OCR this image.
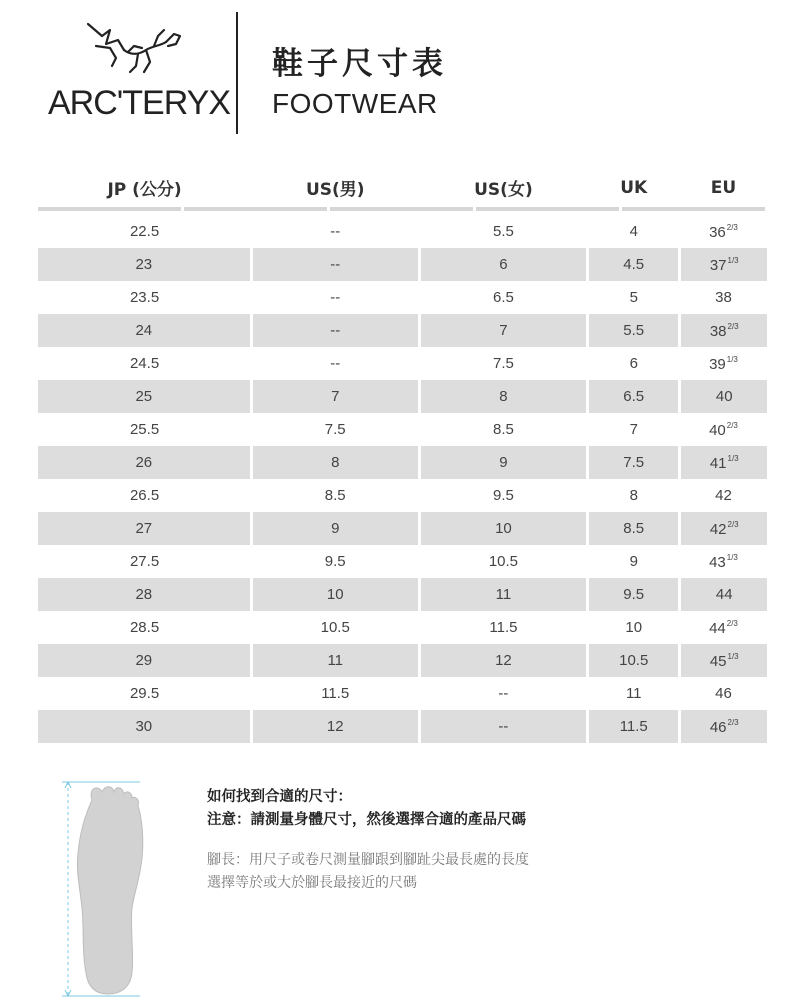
ARC'TERYX
鞋子尺寸表
FOOTWEAR
JP (公分)	US(男)	US(女)	UK	EU

22.5	--	5.5	4	$36^{2/3}$
23	--	6	4.5	$37^{1/3}$
23.5	--	6.5	5	38
24	--	7	5.5	$38^{2/3}$
24.5	--	7.5	6	$39^{1/3}$
25	7	8	6.5	40
25.5	7.5	8.5	7	$40^{2/3}$
26	8	9	7.5	$41^{1/3}$
26.5	8.5	9.5	8	42
27	9	10	8.5	$42^{2/3}$
27.5	9.5	10.5	9	$43^{1/3}$
28	10	11	9.5	44
28.5	10.5	11.5	10	$44^{2/3}$
29	11	12	10.5	$45^{1/3}$
29.5	11.5	--	11	46
30	12	--	11.5	$46^{2/3}$
如何找到合適的尺寸：
注意：請測量身體尺寸，然後選擇合適的產品尺碼
腳長：用尺子或卷尺測量腳跟到腳趾尖最長處的長度
選擇等於或大於腳長最接近的尺碼
